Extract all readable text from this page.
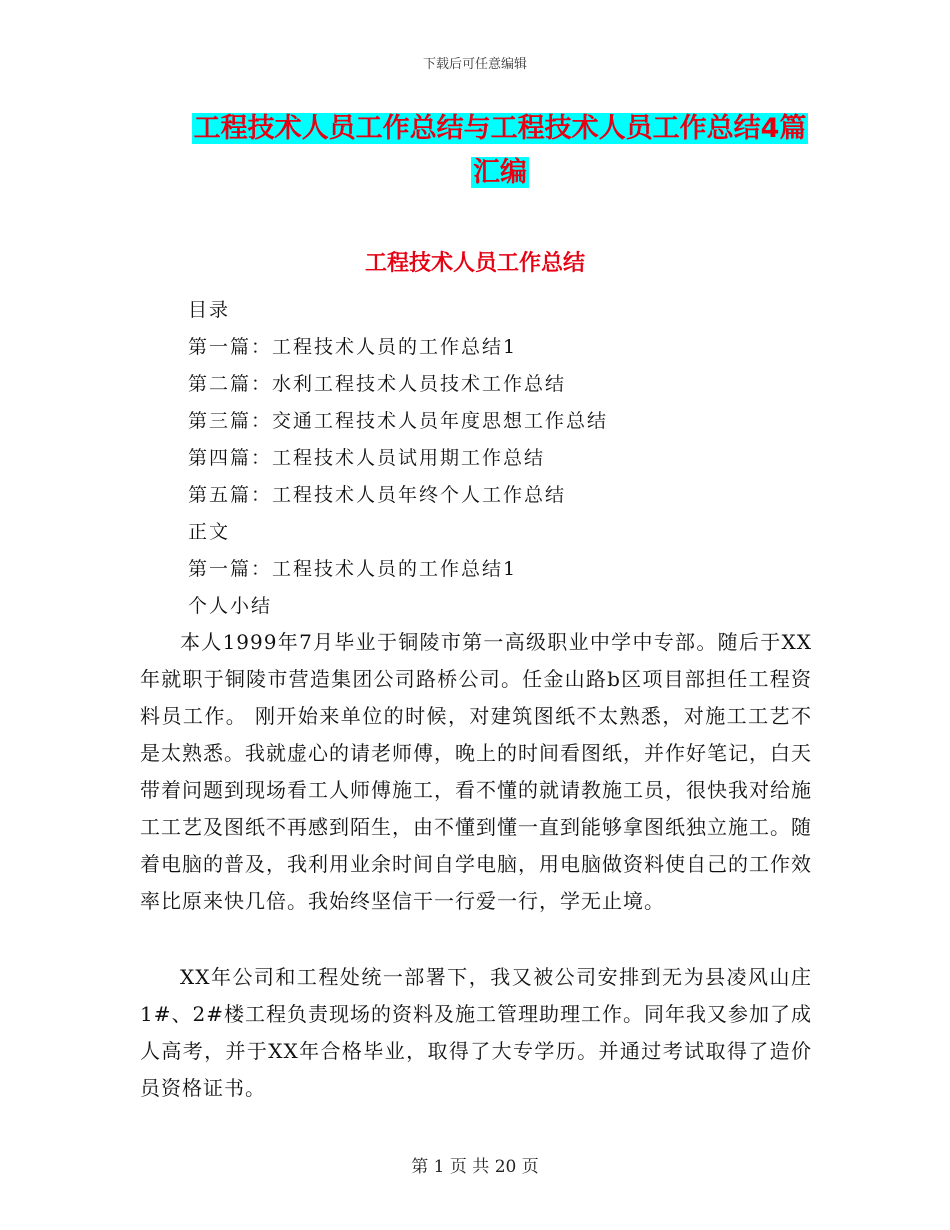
下载后可任意编辑
工程技术人员工作总结与工程技术人员工作总结4篇
汇编
工程技术人员工作总结
目录
第一篇：工程技术人员的工作总结1
第二篇：水利工程技术人员技术工作总结
第三篇：交通工程技术人员年度思想工作总结
第四篇：工程技术人员试用期工作总结
第五篇：工程技术人员年终个人工作总结
正文
第一篇：工程技术人员的工作总结1
个人小结

本人1999年7月毕业于铜陵市第一高级职业中学中专部。随后于XX年就职于铜陵市营造集团公司路桥公司。任金山路b区项目部担任工程资料员工作。 刚开始来单位的时候，对建筑图纸不太熟悉，对施工工艺不是太熟悉。我就虚心的请老师傅，晚上的时间看图纸，并作好笔记，白天带着问题到现场看工人师傅施工，看不懂的就请教施工员，很快我对给施工工艺及图纸不再感到陌生，由不懂到懂一直到能够拿图纸独立施工。随着电脑的普及，我利用业余时间自学电脑，用电脑做资料使自己的工作效率比原来快几倍。我始终坚信干一行爱一行，学无止境。

XX年公司和工程处统一部署下，我又被公司安排到无为县凌风山庄1#、2#楼工程负责现场的资料及施工管理助理工作。同年我又参加了成人高考，并于XX年合格毕业，取得了大专学历。并通过考试取得了造价员资格证书。

第 1 页 共 20 页
